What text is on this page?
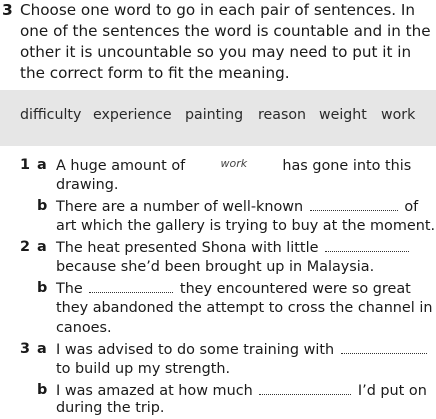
3 Choose one word to go in each pair of sentences. In
one of the sentences the word is countable and in the
other it is uncountable so you may need to put it in
the correct form to fit the meaning.
difficulty experience painting reason weight work
1 a A huge amount of	work	has gone into this
drawing.
b There are a number of well-known	of
art which the gallery is trying to buy at the moment.
2 a The heat presented Shona with little
because she’d been brought up in Malaysia.
b The	they encountered were so great
they abandoned the attempt to cross the channel in
canoes.
3 a I was advised to do some training with
to build up my strength.
b I was amazed at how much	I’d put on
during the trip.
